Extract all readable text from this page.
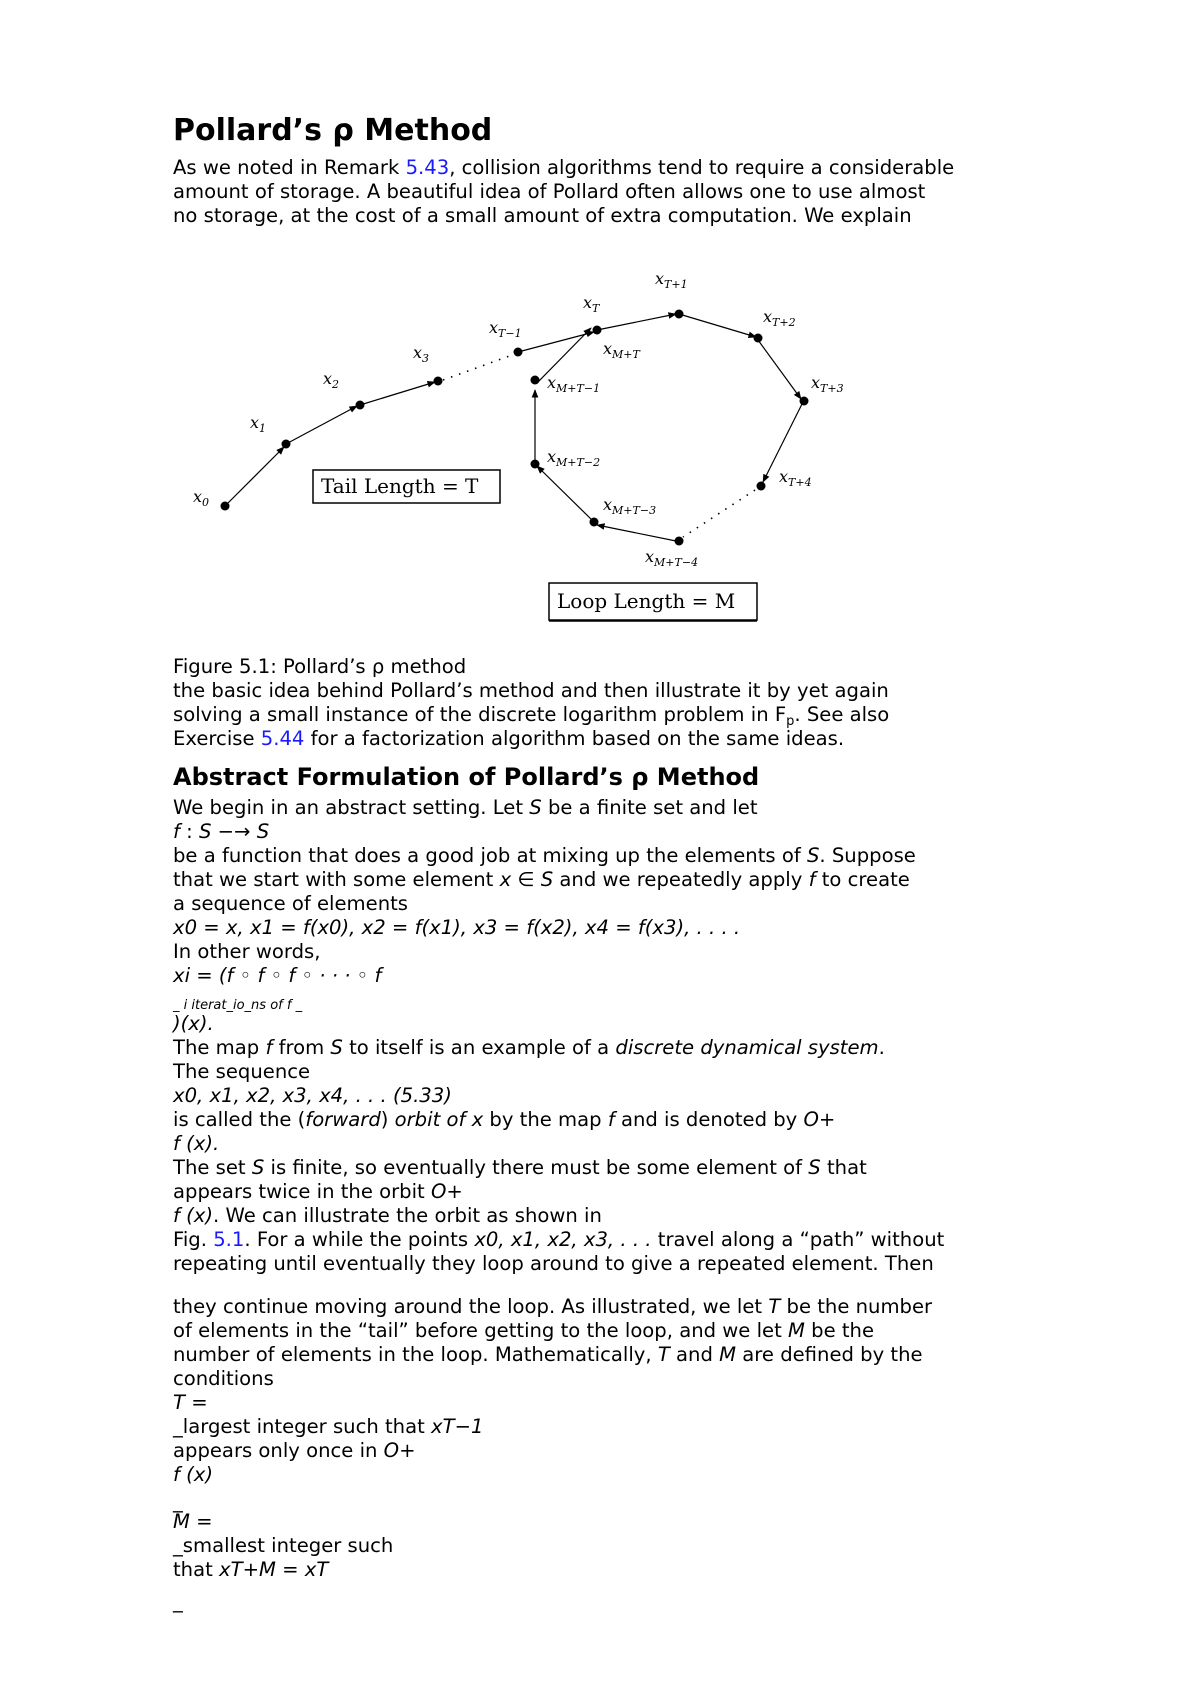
Pollard’s ρ Method

As we noted in Remark 5.43, collision algorithms tend to require a considerable

amount of storage. A beautiful idea of Pollard often allows one to use almost

no storage, at the cost of a small amount of extra computation. We explain

$x_0$
$x_1$
$x_2$
$x_3$
$x_{T-1}$
$x_T$
$x_{T+1}$
$x_{T+2}$
$x_{T+3}$
$x_{T+4}$
$x_{M+T}$
$x_{M+T-1}$
$x_{M+T-2}$
$x_{M+T-3}$
$x_{M+T-4}$
Tail Length = T
Loop Length = M

Figure 5.1: Pollard’s ρ method

the basic idea behind Pollard’s method and then illustrate it by yet again

solving a small instance of the discrete logarithm problem in $F_p$. See also

Exercise 5.44 for a factorization algorithm based on the same ideas.

Abstract Formulation of Pollard’s ρ Method

We begin in an abstract setting. Let S be a finite set and let

f : S −→ S

be a function that does a good job at mixing up the elements of S. Suppose

that we start with some element x ∈ S and we repeatedly apply f to create

a sequence of elements

x0 = x, x1 = f(x0), x2 = f(x1), x3 = f(x2), x4 = f(x3), . . . .

In other words,

xi = (f ◦ f ◦ f ◦ · · · ◦ f

_ i iterat_io_ns of f _

)(x).

The map f from S to itself is an example of a discrete dynamical system.

The sequence

x0, x1, x2, x3, x4, . . . (5.33)

is called the (forward) orbit of x by the map f and is denoted by O+

f (x).

The set S is finite, so eventually there must be some element of S that

appears twice in the orbit O+

f (x). We can illustrate the orbit as shown in

Fig. 5.1. For a while the points x0, x1, x2, x3, . . . travel along a “path” without

repeating until eventually they loop around to give a repeated element. Then

they continue moving around the loop. As illustrated, we let T be the number

of elements in the “tail” before getting to the loop, and we let M be the

number of elements in the loop. Mathematically, T and M are defined by the

conditions

T =

_largest integer such that xT−1

appears only once in O+

f (x)

_

M =

_smallest integer such

that xT+M = xT

_
